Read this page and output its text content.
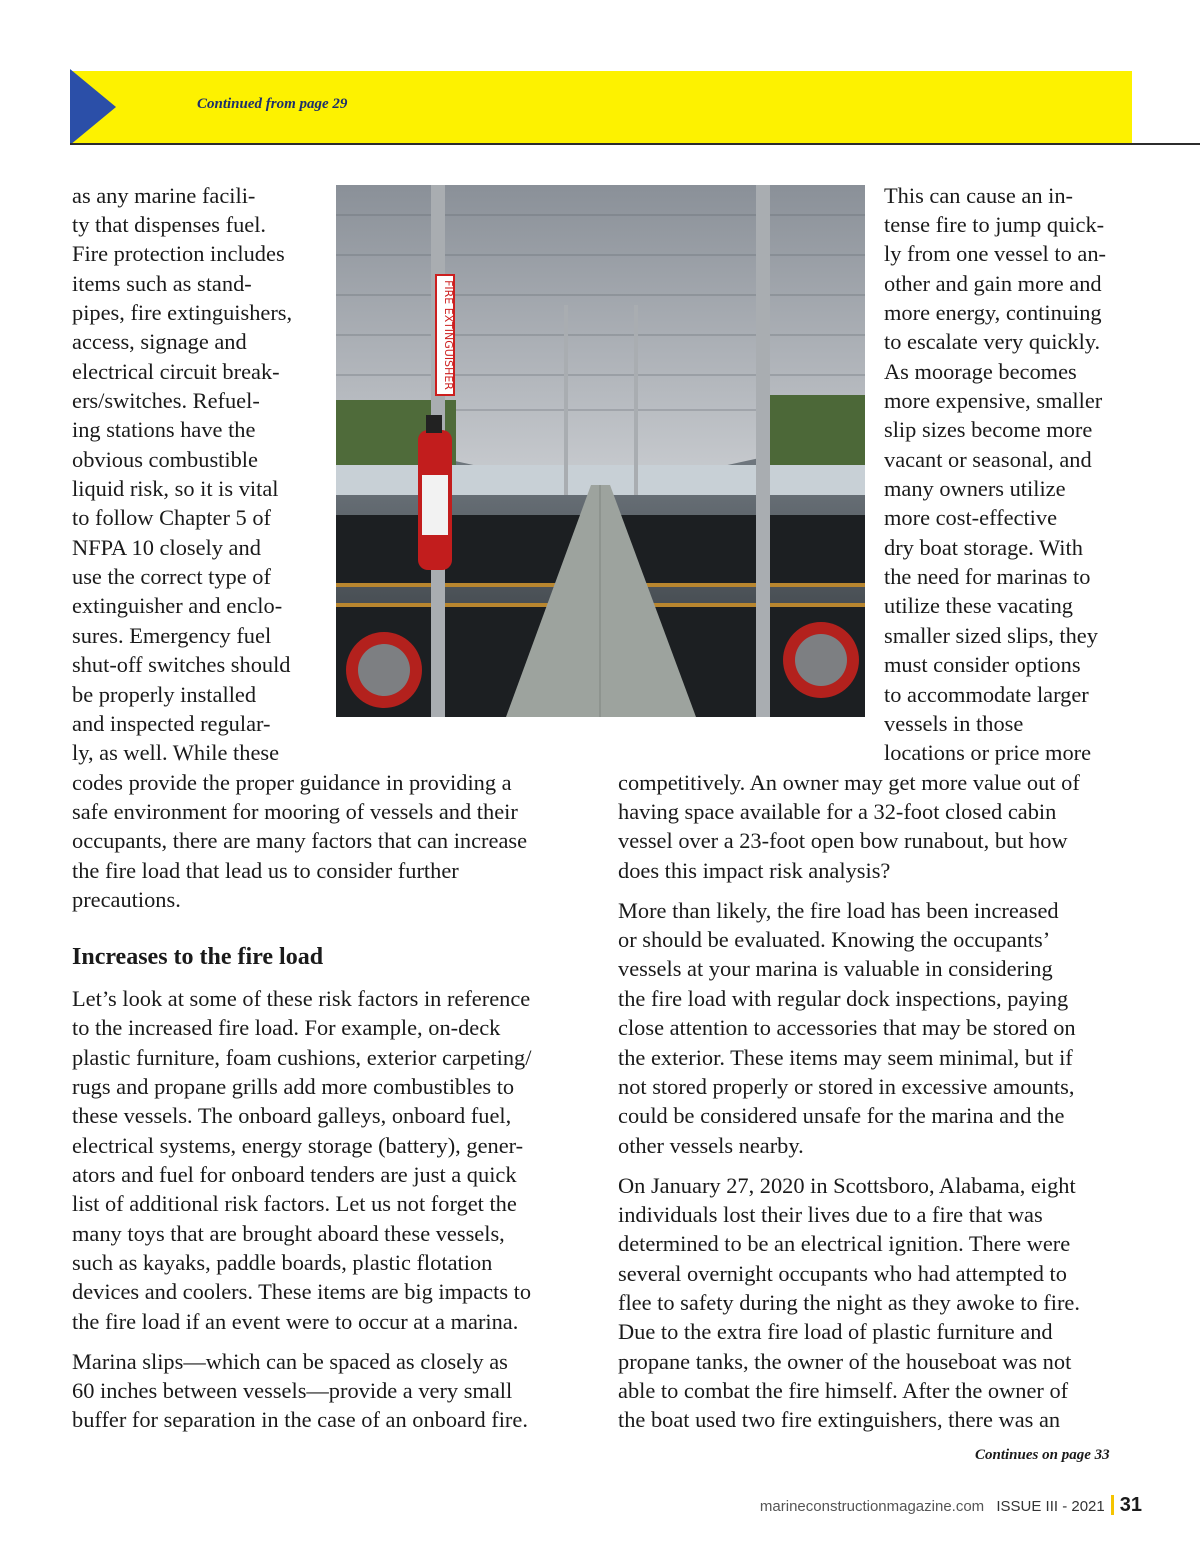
Continued from page 29
FIRE EXTINGUISHER

as any marine facili-

ty that dispenses fuel.

Fire protection includes

items such as stand-

pipes, fire extinguishers,

access, signage and

electrical circuit break-

ers/switches. Refuel-

ing stations have the

obvious combustible

liquid risk, so it is vital

to follow Chapter 5 of

NFPA 10 closely and

use the correct type of

extinguisher and enclo-

sures. Emergency fuel

shut-off switches should

be properly installed

and inspected regular-

ly, as well. While these

codes provide the proper guidance in providing a

safe environment for mooring of vessels and their

occupants, there are many factors that can increase

the fire load that lead us to consider further

precautions.

Increases to the fire load

Let’s look at some of these risk factors in reference

to the increased fire load. For example, on-deck

plastic furniture, foam cushions, exterior carpeting/

rugs and propane grills add more combustibles to

these vessels. The onboard galleys, onboard fuel,

electrical systems, energy storage (battery), gener-

ators and fuel for onboard tenders are just a quick

list of additional risk factors. Let us not forget the

many toys that are brought aboard these vessels,

such as kayaks, paddle boards, plastic flotation

devices and coolers. These items are big impacts to

the fire load if an event were to occur at a marina.

Marina slips—which can be spaced as closely as

60 inches between vessels—provide a very small

buffer for separation in the case of an onboard fire.

This can cause an in-

tense fire to jump quick-

ly from one vessel to an-

other and gain more and

more energy, continuing

to escalate very quickly.

As moorage becomes

more expensive, smaller

slip sizes become more

vacant or seasonal, and

many owners utilize

more cost-effective

dry boat storage. With

the need for marinas to

utilize these vacating

smaller sized slips, they

must consider options

to accommodate larger

vessels in those

locations or price more

competitively. An owner may get more value out of

having space available for a 32-foot closed cabin

vessel over a 23-foot open bow runabout, but how

does this impact risk analysis?

More than likely, the fire load has been increased

or should be evaluated. Knowing the occupants’

vessels at your marina is valuable in considering

the fire load with regular dock inspections, paying

close attention to accessories that may be stored on

the exterior. These items may seem minimal, but if

not stored properly or stored in excessive amounts,

could be considered unsafe for the marina and the

other vessels nearby.

On January 27, 2020 in Scottsboro, Alabama, eight

individuals lost their lives due to a fire that was

determined to be an electrical ignition. There were

several overnight occupants who had attempted to

flee to safety during the night as they awoke to fire.

Due to the extra fire load of plastic furniture and

propane tanks, the owner of the houseboat was not

able to combat the fire himself. After the owner of

the boat used two fire extinguishers, there was an

Continues on page 33
marineconstructionmagazine.com ISSUE III - 2021 31
